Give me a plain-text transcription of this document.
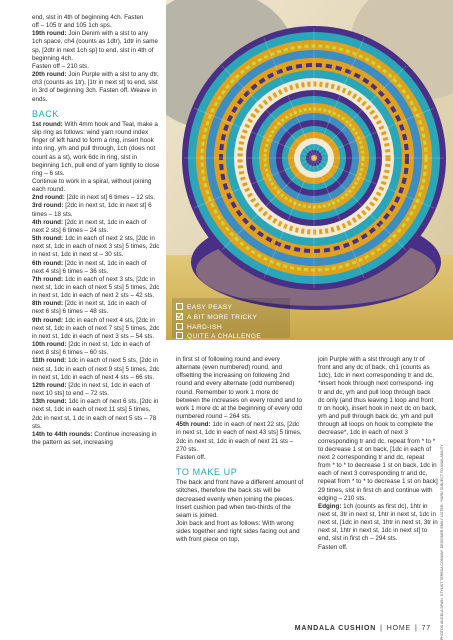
EASY PEASY
A BIT MORE TRICKY
HARD-ISH
QUITE A CHALLENGE

end, slst in 4th of beginning 4ch. Fasten

off – 105 tr and 105 1ch sps.

19th round: Join Denim with a slst to any 1ch space, ch4 (counts as 1dtr), 1dtr in same sp, [2dtr in next 1ch sp] to end, slst in 4th of beginning 4ch.

Fasten off – 210 sts.

20th round: Join Purple with a slst to any dtr, ch3 (counts as 1tr), [1tr in next st] to end, slst in 3rd of beginning 3ch. Fasten off. Weave in ends.

BACK

1st round: With 4mm hook and Teal, make a slip ring as follows: wind yarn round index finger of left hand to form a ring, insert hook into ring, yrh and pull through, 1ch (does not count as a st), work 6dc in ring, slst in beginning 1ch, pull end of yarn tightly to close ring – 6 sts.

Continue to work in a spiral, without joining each round.

2nd round: [2dc in next st] 6 times – 12 sts.

3rd round: [2dc in next st, 1dc in next st] 6 times – 18 sts.

4th round: [2dc in next st, 1dc in each of next 2 sts] 6 times – 24 sts.

5th round: 1dc in each of next 2 sts, [2dc in next st, 1dc in each of next 3 sts] 5 times, 2dc in next st, 1dc in next st – 30 sts.

6th round: [2dc in next st, 1dc in each of next 4 sts] 6 times – 36 sts.

7th round: 1dc in each of next 3 sts, [2dc in next st, 1dc in each of next 5 sts] 5 times, 2dc in next st, 1dc in each of next 2 sts – 42 sts.

8th round: [2dc in next st, 1dc in each of next 6 sts] 6 times – 48 sts.

9th round: 1dc in each of next 4 sts, [2dc in next st, 1dc in each of next 7 sts] 5 times, 2dc in next st, 1dc in each of next 3 sts – 54 sts.

10th round: [2dc in next st, 1dc in each of next 8 sts] 6 times – 60 sts.

11th round: 1dc in each of next 5 sts, [2dc in next st, 1dc in each of next 9 sts] 5 times, 2dc in next st, 1dc in each of next 4 sts – 66 sts.

12th round: [2dc in next st, 1dc in each of next 10 sts] to end – 72 sts.

13th round: 1dc in each of next 6 sts, [2dc in next st, 1dc in each of next 11 sts] 5 times, 2dc in next st, 1 dc in each of next 5 sts – 78 sts.

14th to 44th rounds: Continue increasing in the pattern as set, increasing

in first st of following round and every alternate (even numbered) round, and offsetting the increasing on following 2nd round and every alternate (odd numbered) round. Remember to work 1 more dc between the increases on every round and to work 1 more dc at the beginning of every odd numbered round – 264 sts.

45th round: 1dc in each of next 22 sts, [2dc in next st, 1dc in each of next 43 sts] 5 times, 2dc in next st, 1dc in each of next 21 sts – 270 sts.

Fasten off.

TO MAKE UP

The back and front have a different amount of stitches, therefore the back sts will be decreased evenly when joining the pieces. Insert cushion pad when two-thirds of the seam is joined.

Join back and front as follows: With wrong sides together and right sides facing out and with front piece on top,

join Purple with a slst through any tr of front and any dc of back, ch1 (counts as 1dc), 1dc in next corresponding tr and dc, *insert hook through next correspond- ing tr and dc, yrh and pull loop through back dc only (and thus leaving 1 loop and front tr on hook), insert hook in next dc on back, yrh and pull through back dc, yrh and pull through all loops on hook to complete the decrease*, 1dc in each of next 3 corresponding tr and dc, repeat from * to * to decrease 1 st on back, [1dc in each of next 2 corresponding tr and dc, repeat from * to * to decrease 1 st on back, 1dc in each of next 3 corresponding tr and dc, repeat from * to * to decrease 1 st on back] 29 times, slst in first ch and continue with edging – 210 sts.

Edging: 1ch (counts as first dc), 1htr in next st, 3tr in next st, 1htr in next st, 1dc in next st, [1dc in next st, 1htr in next st, 3tr in next st, 1htr in next st, 1dc in next st] to end, slst in first ch – 294 sts.

Fasten off.	PHOTOS ANGELA SPAIN, STYLIST TERESA CONWAY. DESIGNER EMILY LISTER. *YARN SUBJECT TO AVAILABILITY
MANDALA CUSHION | HOME | 77
